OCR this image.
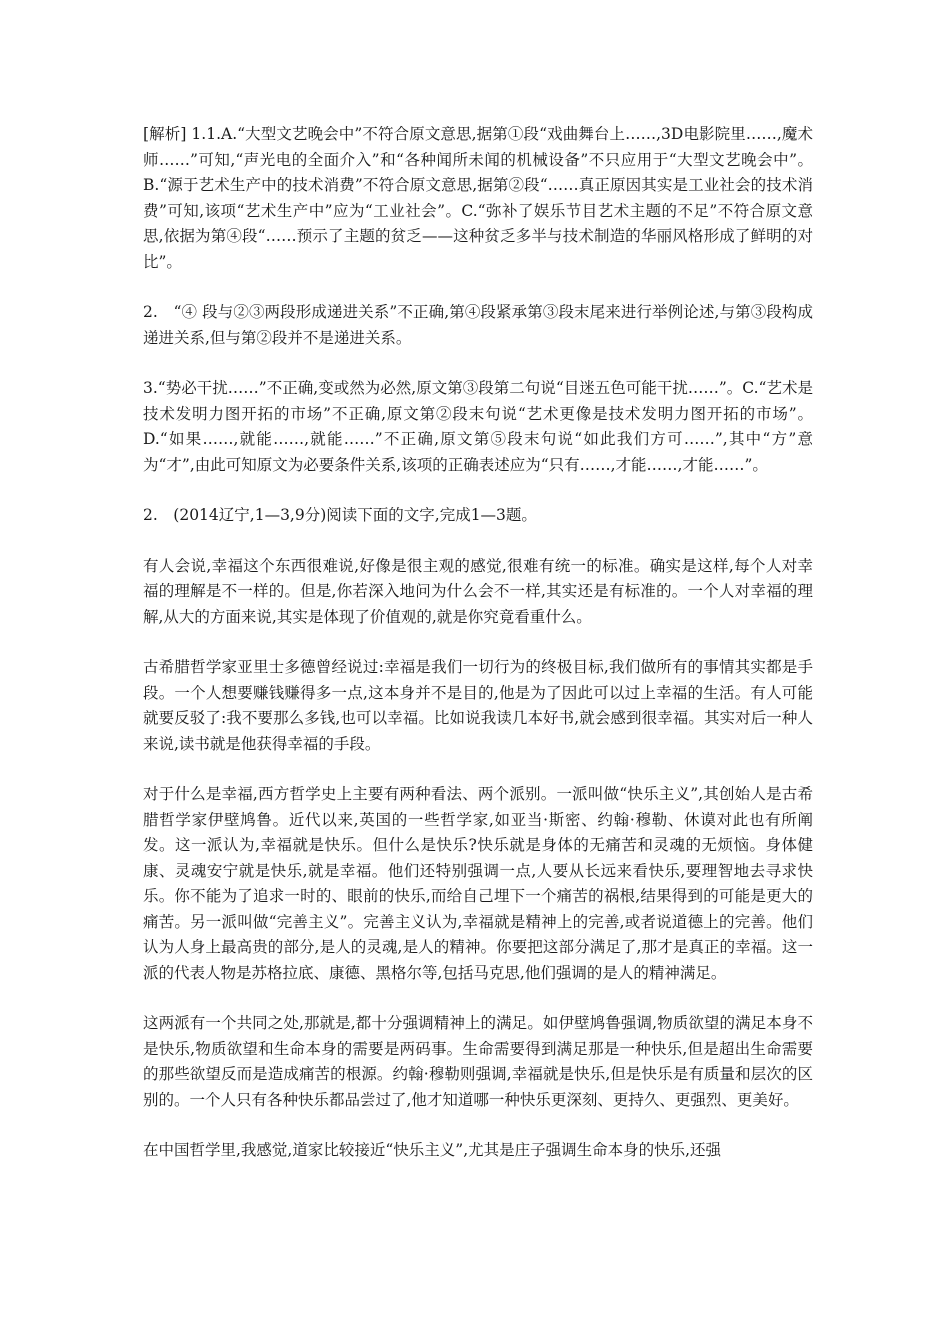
[解析] 1.1.A.“大型文艺晚会中”不符合原文意思,据第①段“戏曲舞台上……,3D电影院里……,魔术师……”可知,“声光电的全面介入”和“各种闻所未闻的机械设备”不只应用于“大型文艺晚会中”。B.“源于艺术生产中的技术消费”不符合原文意思,据第②段“……真正原因其实是工业社会的技术消费”可知,该项“艺术生产中”应为“工业社会”。C.“弥补了娱乐节目艺术主题的不足”不符合原文意思,依据为第④段“……预示了主题的贫乏——这种贫乏多半与技术制造的华丽风格形成了鲜明的对比”。

2.　“④ 段与②③两段形成递进关系”不正确,第④段紧承第③段末尾来进行举例论述,与第③段构成递进关系,但与第②段并不是递进关系。

3.“势必干扰……”不正确,变或然为必然,原文第③段第二句说“目迷五色可能干扰……”。C.“艺术是技术发明力图开拓的市场”不正确,原文第②段末句说“艺术更像是技术发明力图开拓的市场”。D.“如果……,就能……,就能……”不正确,原文第⑤段末句说“如此我们方可……”,其中“方”意为“才”,由此可知原文为必要条件关系,该项的正确表述应为“只有……,才能……,才能……”。

2.　(2014辽宁,1—3,9分)阅读下面的文字,完成1—3题。

有人会说,幸福这个东西很难说,好像是很主观的感觉,很难有统一的标准。确实是这样,每个人对幸福的理解是不一样的。但是,你若深入地问为什么会不一样,其实还是有标准的。一个人对幸福的理解,从大的方面来说,其实是体现了价值观的,就是你究竟看重什么。

古希腊哲学家亚里士多德曾经说过:幸福是我们一切行为的终极目标,我们做所有的事情其实都是手段。一个人想要赚钱赚得多一点,这本身并不是目的,他是为了因此可以过上幸福的生活。有人可能就要反驳了:我不要那么多钱,也可以幸福。比如说我读几本好书,就会感到很幸福。其实对后一种人来说,读书就是他获得幸福的手段。

对于什么是幸福,西方哲学史上主要有两种看法、两个派别。一派叫做“快乐主义”,其创始人是古希腊哲学家伊壁鸠鲁。近代以来,英国的一些哲学家,如亚当·斯密、约翰·穆勒、休谟对此也有所阐发。这一派认为,幸福就是快乐。但什么是快乐?快乐就是身体的无痛苦和灵魂的无烦恼。身体健康、灵魂安宁就是快乐,就是幸福。他们还特别强调一点,人要从长远来看快乐,要理智地去寻求快乐。你不能为了追求一时的、眼前的快乐,而给自己埋下一个痛苦的祸根,结果得到的可能是更大的痛苦。另一派叫做“完善主义”。完善主义认为,幸福就是精神上的完善,或者说道德上的完善。他们认为人身上最高贵的部分,是人的灵魂,是人的精神。你要把这部分满足了,那才是真正的幸福。这一派的代表人物是苏格拉底、康德、黑格尔等,包括马克思,他们强调的是人的精神满足。

这两派有一个共同之处,那就是,都十分强调精神上的满足。如伊壁鸠鲁强调,物质欲望的满足本身不是快乐,物质欲望和生命本身的需要是两码事。生命需要得到满足那是一种快乐,但是超出生命需要的那些欲望反而是造成痛苦的根源。约翰·穆勒则强调,幸福就是快乐,但是快乐是有质量和层次的区别的。一个人只有各种快乐都品尝过了,他才知道哪一种快乐更深刻、更持久、更强烈、更美好。

在中国哲学里,我感觉,道家比较接近“快乐主义”,尤其是庄子强调生命本身的快乐,还强
